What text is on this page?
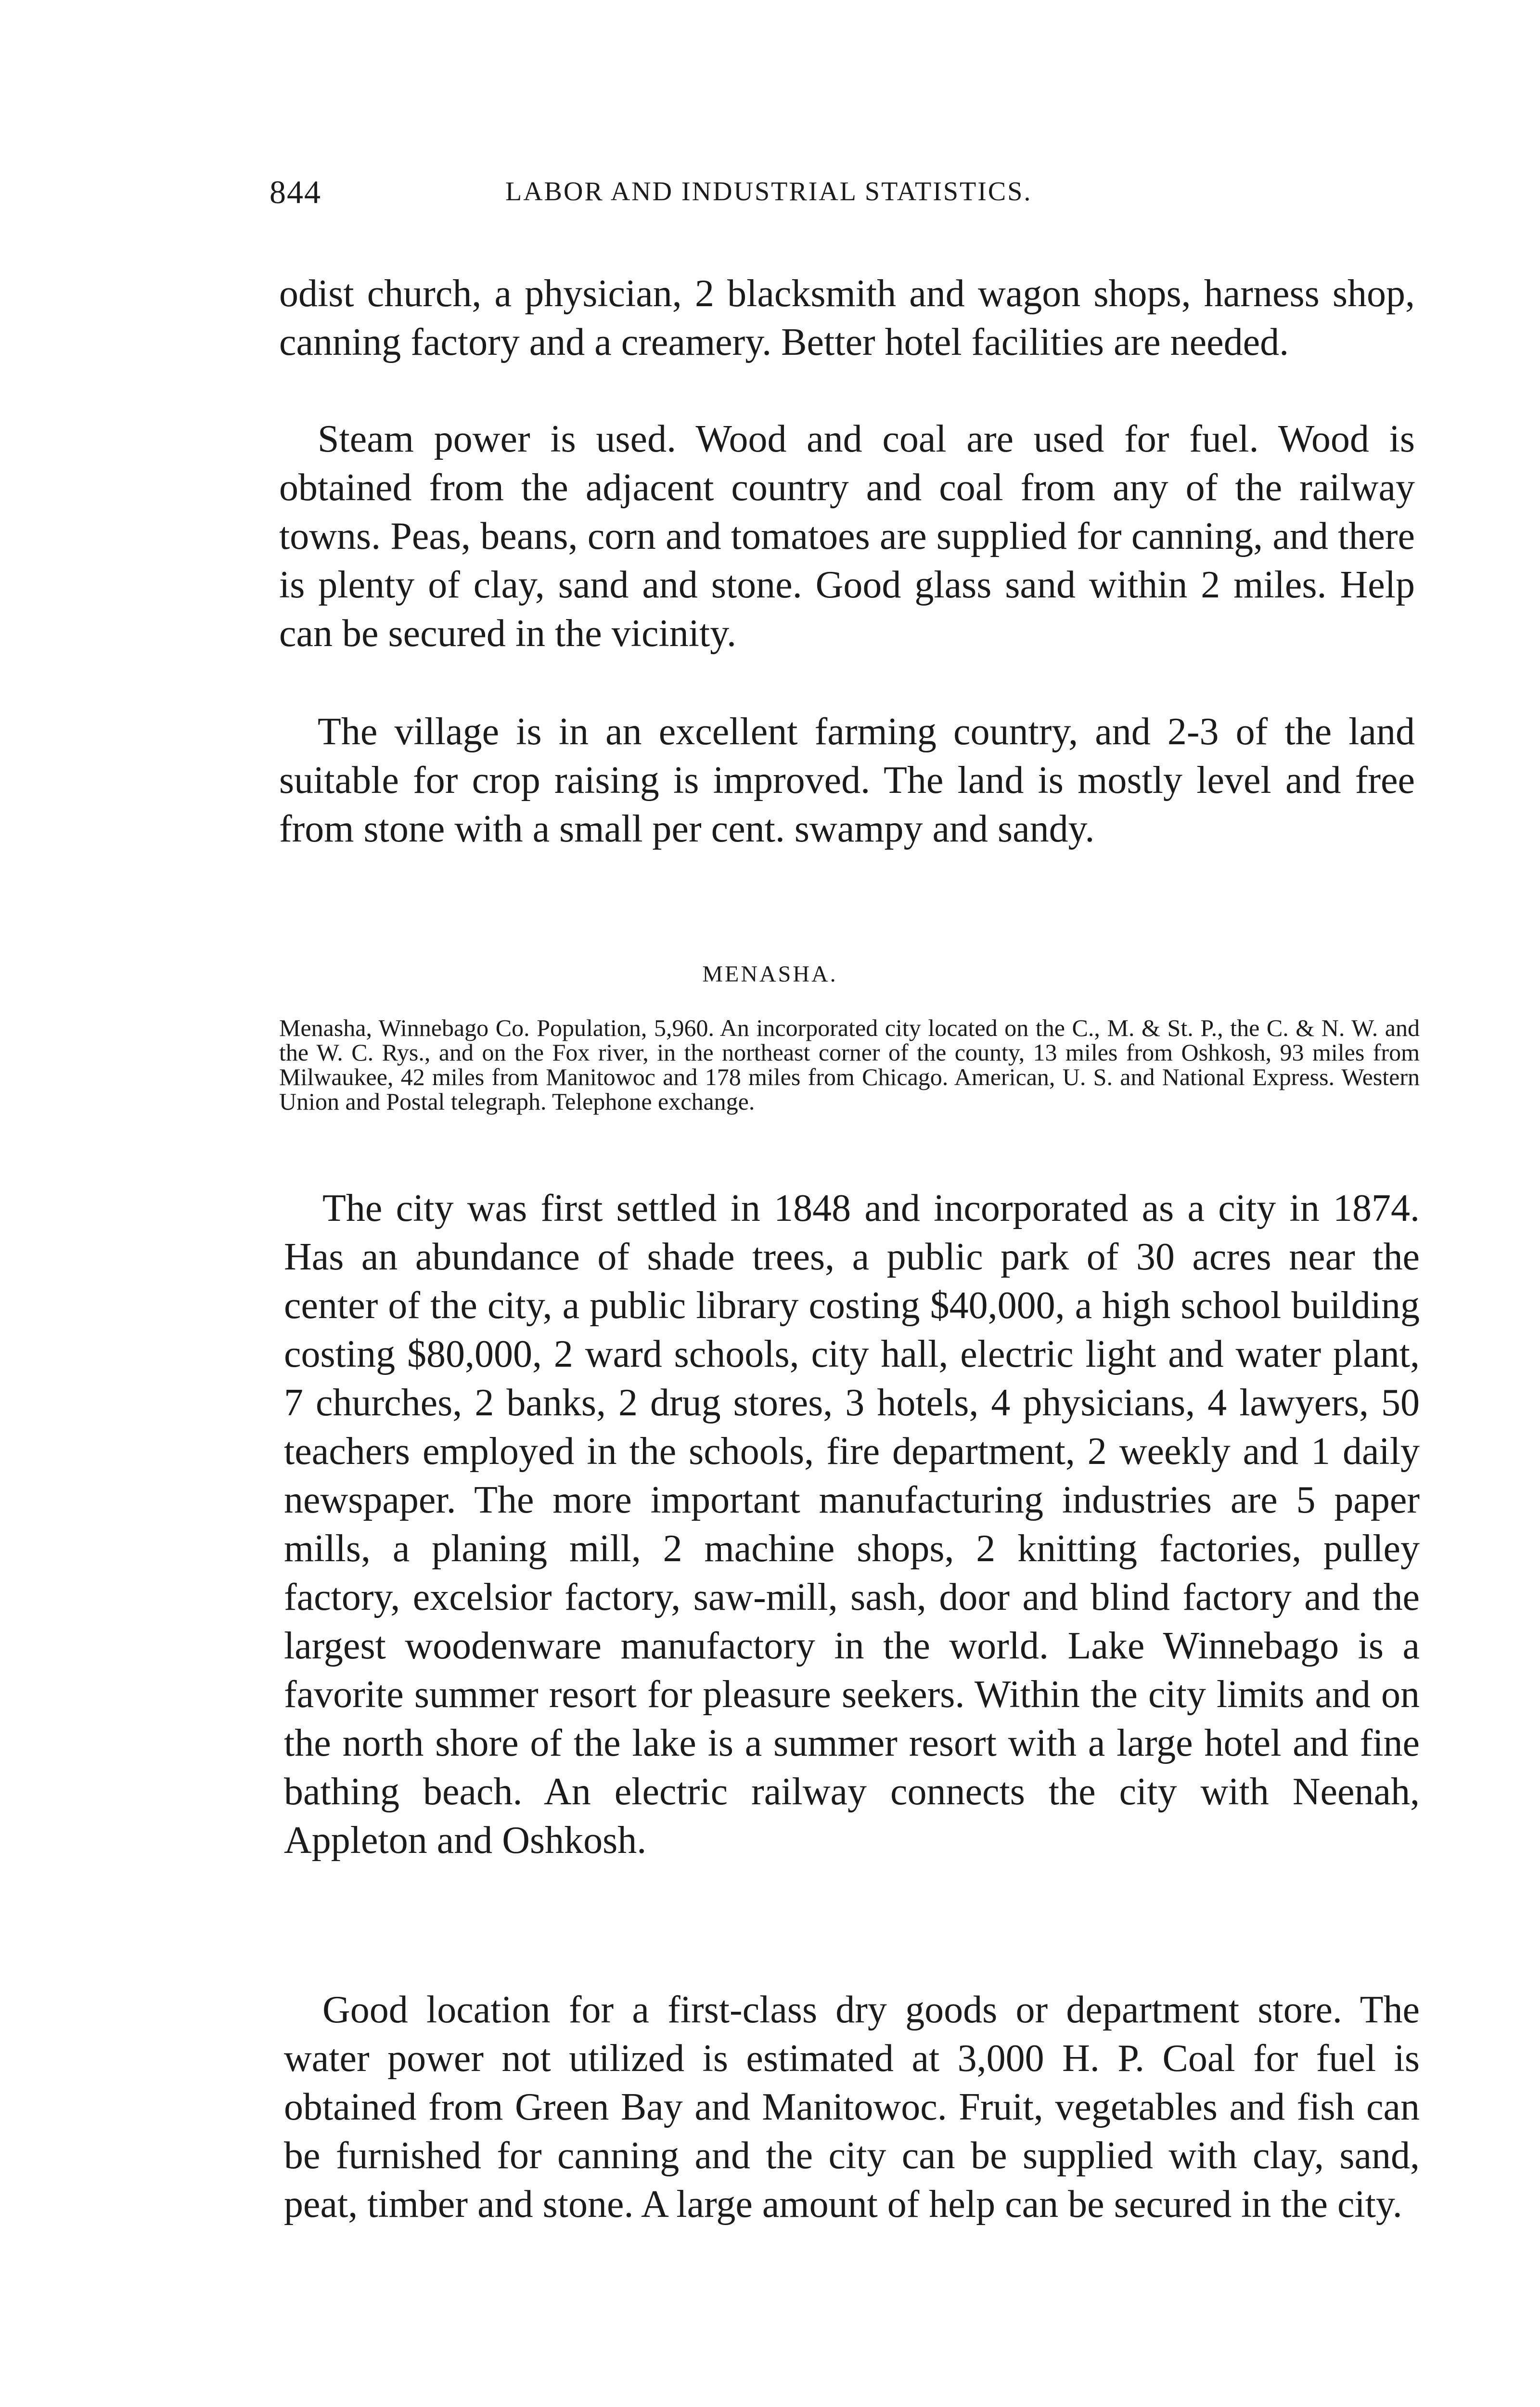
844	LABOR AND INDUSTRIAL STATISTICS.

odist church, a physician, 2 blacksmith and wagon shops, harness shop, canning factory and a creamery. Better hotel facilities are needed.

Steam power is used. Wood and coal are used for fuel. Wood is obtained from the adjacent country and coal from any of the railway towns. Peas, beans, corn and tomatoes are supplied for canning, and there is plenty of clay, sand and stone. Good glass sand within 2 miles. Help can be secured in the vicinity.

The village is in an excellent farming country, and 2-3 of the land suitable for crop raising is improved. The land is mostly level and free from stone with a small per cent. swampy and sandy.

MENASHA.

Menasha, Winnebago Co. Population, 5,960. An incorporated city located on the C., M. & St. P., the C. & N. W. and the W. C. Rys., and on the Fox river, in the northeast corner of the county, 13 miles from Oshkosh, 93 miles from Milwaukee, 42 miles from Manitowoc and 178 miles from Chicago. American, U. S. and National Express. Western Union and Postal telegraph. Telephone exchange.

The city was first settled in 1848 and incorporated as a city in 1874. Has an abundance of shade trees, a public park of 30 acres near the center of the city, a public library costing $40,000, a high school building costing $80,000, 2 ward schools, city hall, electric light and water plant, 7 churches, 2 banks, 2 drug stores, 3 hotels, 4 physicians, 4 lawyers, 50 teachers employed in the schools, fire department, 2 weekly and 1 daily newspaper. The more important manufacturing industries are 5 paper mills, a planing mill, 2 machine shops, 2 knitting factories, pulley factory, excelsior factory, saw-mill, sash, door and blind factory and the largest woodenware manufactory in the world. Lake Winnebago is a favorite summer resort for pleasure seekers. Within the city limits and on the north shore of the lake is a summer resort with a large hotel and fine bathing beach. An electric railway connects the city with Neenah, Appleton and Oshkosh.

Good location for a first-class dry goods or department store. The water power not utilized is estimated at 3,000 H. P. Coal for fuel is obtained from Green Bay and Manitowoc. Fruit, vegetables and fish can be furnished for canning and the city can be supplied with clay, sand, peat, timber and stone. A large amount of help can be secured in the city.
